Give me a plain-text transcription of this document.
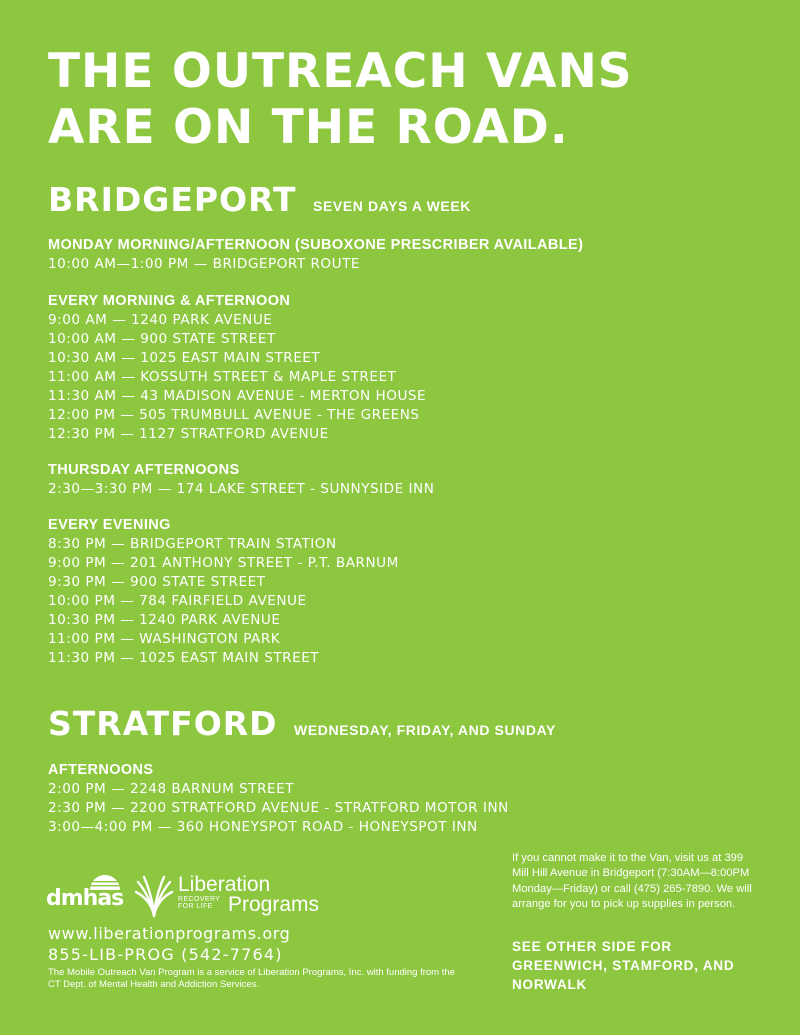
THE OUTREACH VANS
ARE ON THE ROAD.
BRIDGEPORT SEVEN DAYS A WEEK

MONDAY MORNING/AFTERNOON (SUBOXONE PRESCRIBER AVAILABLE)

10:00 AM—1:00 PM — BRIDGEPORT ROUTE

EVERY MORNING & AFTERNOON

9:00 AM — 1240 PARK AVENUE

10:00 AM — 900 STATE STREET

10:30 AM — 1025 EAST MAIN STREET

11:00 AM — KOSSUTH STREET & MAPLE STREET

11:30 AM — 43 MADISON AVENUE - MERTON HOUSE

12:00 PM — 505 TRUMBULL AVENUE - THE GREENS

12:30 PM — 1127 STRATFORD AVENUE

THURSDAY AFTERNOONS

2:30—3:30 PM — 174 LAKE STREET - SUNNYSIDE INN

EVERY EVENING

8:30 PM — BRIDGEPORT TRAIN STATION

9:00 PM — 201 ANTHONY STREET - P.T. BARNUM

9:30 PM — 900 STATE STREET

10:00 PM — 784 FAIRFIELD AVENUE

10:30 PM — 1240 PARK AVENUE

11:00 PM — WASHINGTON PARK

11:30 PM — 1025 EAST MAIN STREET

STRATFORD WEDNESDAY, FRIDAY, AND SUNDAY

AFTERNOONS

2:00 PM — 2248 BARNUM STREET

2:30 PM — 2200 STRATFORD AVENUE - STRATFORD MOTOR INN

3:00—4:00 PM — 360 HONEYSPOT ROAD - HONEYSPOT INN

dmhas
Liberation
RECOVERY
FOR LIFE Programs

www.liberationprograms.org

855-LIB-PROG (542-7764)

The Mobile Outreach Van Program is a service of Liberation Programs, Inc. with funding from the CT Dept. of Mental Health and Addiction Services.

If you cannot make it to the Van, visit us at 399 Mill Hill Avenue in Bridgeport (7:30AM—8:00PM Monday—Friday) or call (475) 265-7890. We will arrange for you to pick up supplies in person.

SEE OTHER SIDE FOR GREENWICH, STAMFORD, AND NORWALK
